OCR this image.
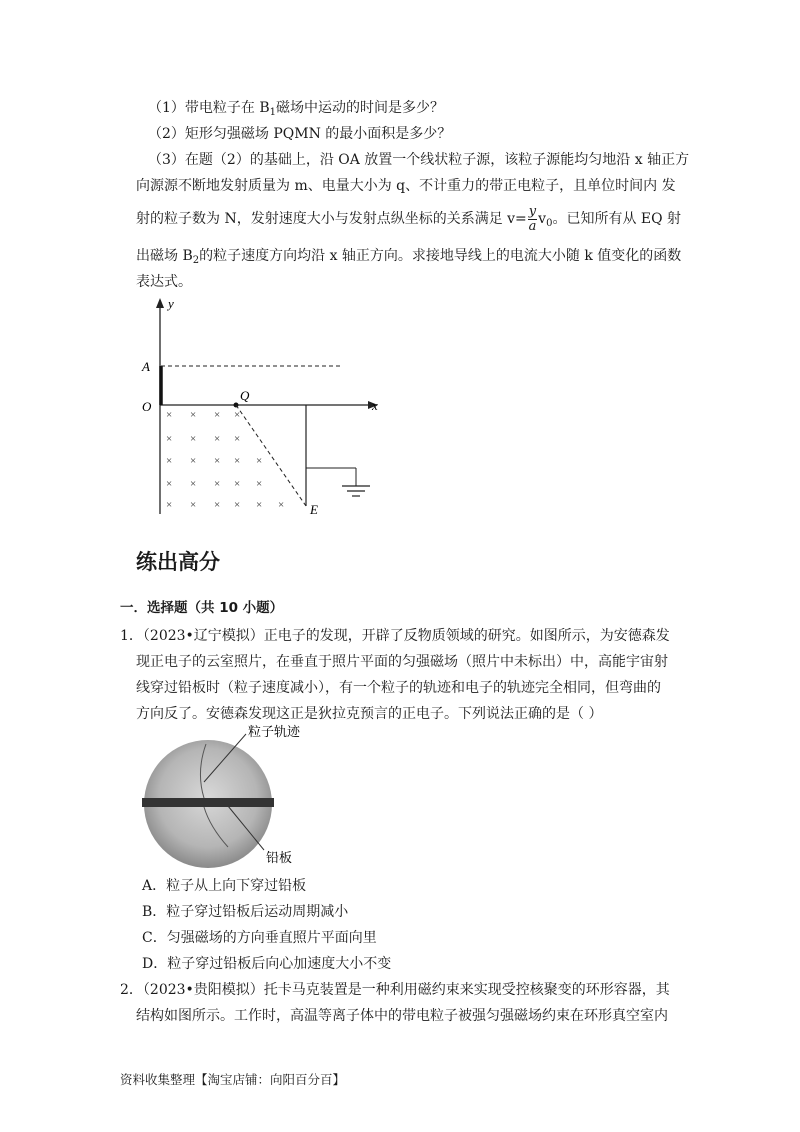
（1）带电粒子在 $B_1$磁场中运动的时间是多少？
（2）矩形匀强磁场 PQMN 的最小面积是多少？
（3）在题（2）的基础上，沿 OA 放置一个线状粒子源，该粒子源能均匀地沿 x 轴正方
向源源不断地发射质量为 m、电量大小为 q、不计重力的带正电粒子，且单位时间内 发
射的粒子数为 N，发射速度大小与发射点纵坐标的关系满足 $v= \frac{y}{a} v_0$。已知所有从 EQ 射
出磁场 $B_2$的粒子速度方向均沿 x 轴正方向。求接地导线上的电流大小随 k 值变化的函数
表达式。
y
x
A
O
Q
E
× × × ×
× × × ×
× × × × ×
× × × × ×
× × × × × ×
练出高分
一．选择题（共 10 小题）
1．（2023•辽宁模拟）正电子的发现，开辟了反物质领域的研究。如图所示，为安德森发
现正电子的云室照片，在垂直于照片平面的匀强磁场（照片中未标出）中，高能宇宙射
线穿过铅板时（粒子速度减小），有一个粒子的轨迹和电子的轨迹完全相同，但弯曲的
方向反了。安德森发现这正是狄拉克预言的正电子。下列说法正确的是（ ）
粒子轨迹
铅板
A．粒子从上向下穿过铅板
B．粒子穿过铅板后运动周期减小
C．匀强磁场的方向垂直照片平面向里
D．粒子穿过铅板后向心加速度大小不变
2．（2023•贵阳模拟）托卡马克装置是一种利用磁约束来实现受控核聚变的环形容器，其
结构如图所示。工作时，高温等离子体中的带电粒子被强匀强磁场约束在环形真空室内
资料收集整理【淘宝店铺：向阳百分百】
